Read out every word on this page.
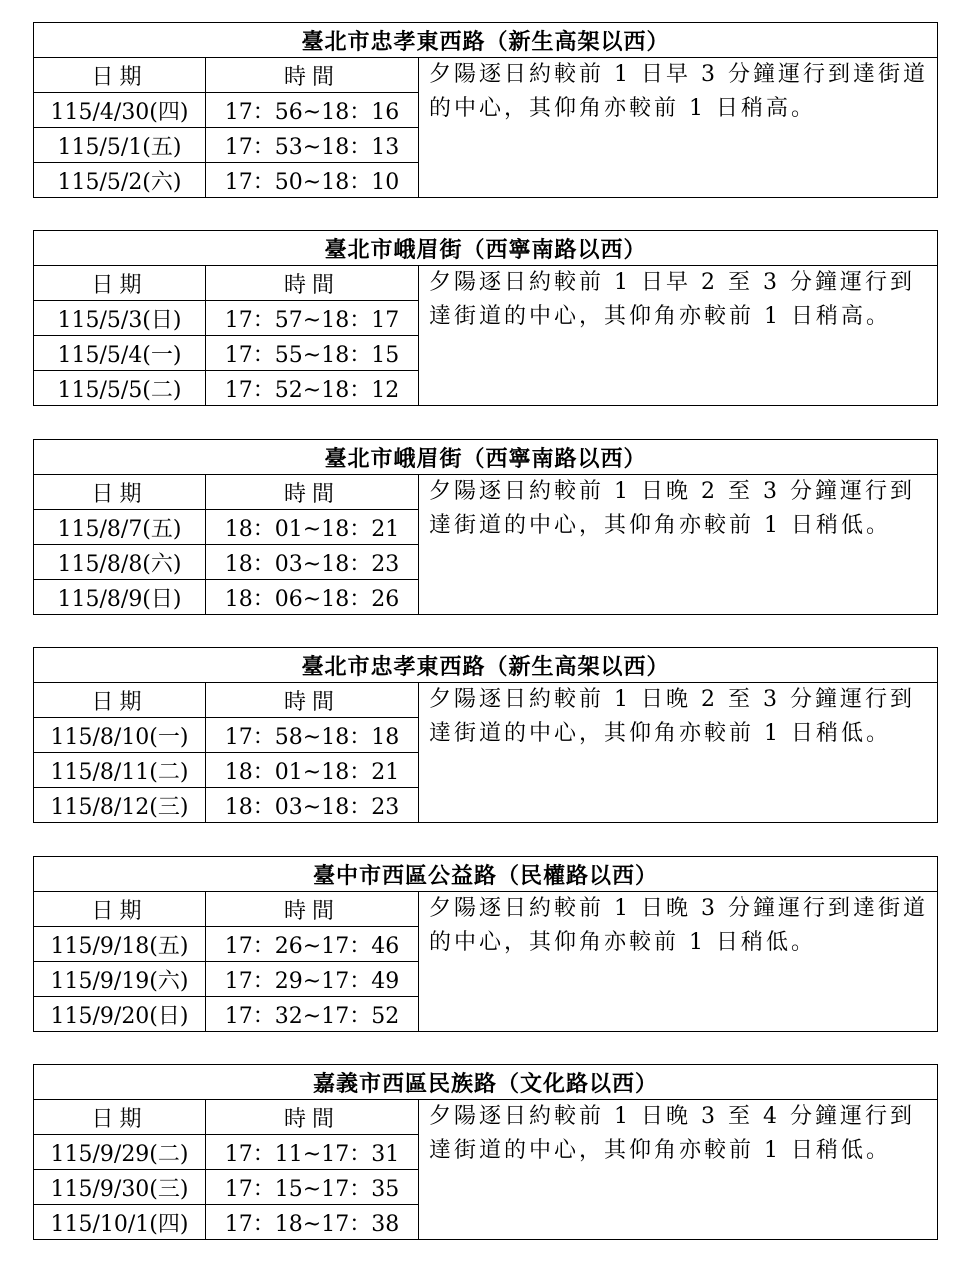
臺北市忠孝東西路（新生高架以西）		
日期	時間	夕陽逐日約較前 1 日早 3 分鐘運行到達街道的中心，其仰角亦較前 1 日稍高。
115/4/30(四)	17：56~18：16	
115/5/1(五)	17：53~18：13	
115/5/2(六)	17：50~18：10	
臺北市峨眉街（西寧南路以西）		
日期	時間	夕陽逐日約較前 1 日早 2 至 3 分鐘運行到達街道的中心，其仰角亦較前 1 日稍高。
115/5/3(日)	17：57~18：17	
115/5/4(一)	17：55~18：15	
115/5/5(二)	17：52~18：12	
臺北市峨眉街（西寧南路以西）		
日期	時間	夕陽逐日約較前 1 日晚 2 至 3 分鐘運行到達街道的中心，其仰角亦較前 1 日稍低。
115/8/7(五)	18：01~18：21	
115/8/8(六)	18：03~18：23	
115/8/9(日)	18：06~18：26	
臺北市忠孝東西路（新生高架以西）		
日期	時間	夕陽逐日約較前 1 日晚 2 至 3 分鐘運行到達街道的中心，其仰角亦較前 1 日稍低。
115/8/10(一)	17：58~18：18	
115/8/11(二)	18：01~18：21	
115/8/12(三)	18：03~18：23	
臺中市西區公益路（民權路以西）		
日期	時間	夕陽逐日約較前 1 日晚 3 分鐘運行到達街道的中心，其仰角亦較前 1 日稍低。
115/9/18(五)	17：26~17：46	
115/9/19(六)	17：29~17：49	
115/9/20(日)	17：32~17：52	
嘉義市西區民族路（文化路以西）		
日期	時間	夕陽逐日約較前 1 日晚 3 至 4 分鐘運行到達街道的中心，其仰角亦較前 1 日稍低。
115/9/29(二)	17：11~17：31	
115/9/30(三)	17：15~17：35	
115/10/1(四)	17：18~17：38	
